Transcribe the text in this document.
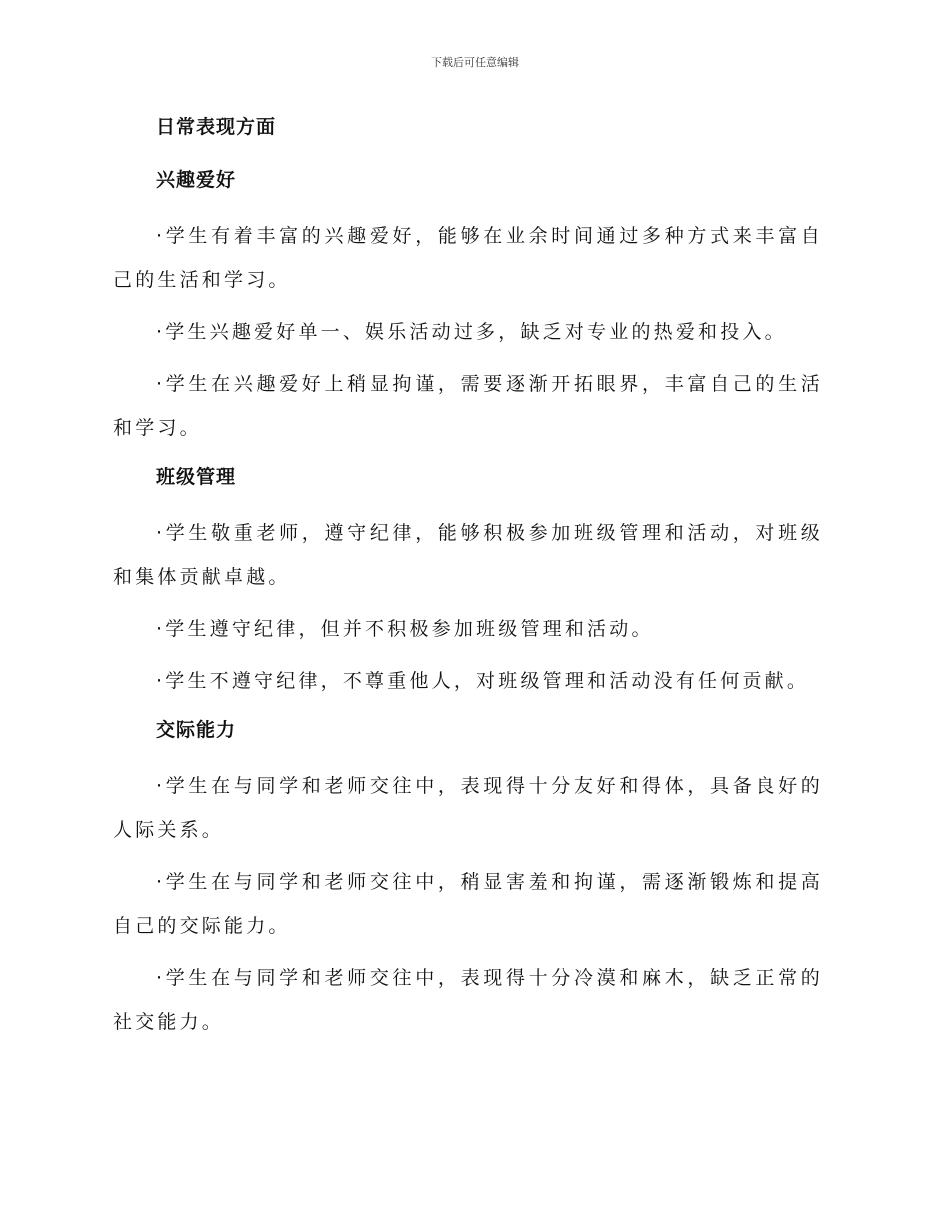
下载后可任意编辑
日常表现方面
兴趣爱好

·学生有着丰富的兴趣爱好，能够在业余时间通过多种方式来丰富自己的生活和学习。

·学生兴趣爱好单一、娱乐活动过多，缺乏对专业的热爱和投入。

·学生在兴趣爱好上稍显拘谨，需要逐渐开拓眼界，丰富自己的生活和学习。

班级管理

·学生敬重老师，遵守纪律，能够积极参加班级管理和活动，对班级和集体贡献卓越。

·学生遵守纪律，但并不积极参加班级管理和活动。

·学生不遵守纪律，不尊重他人，对班级管理和活动没有任何贡献。

交际能力

·学生在与同学和老师交往中，表现得十分友好和得体，具备良好的人际关系。

·学生在与同学和老师交往中，稍显害羞和拘谨，需逐渐锻炼和提高自己的交际能力。

·学生在与同学和老师交往中，表现得十分冷漠和麻木，缺乏正常的社交能力。
